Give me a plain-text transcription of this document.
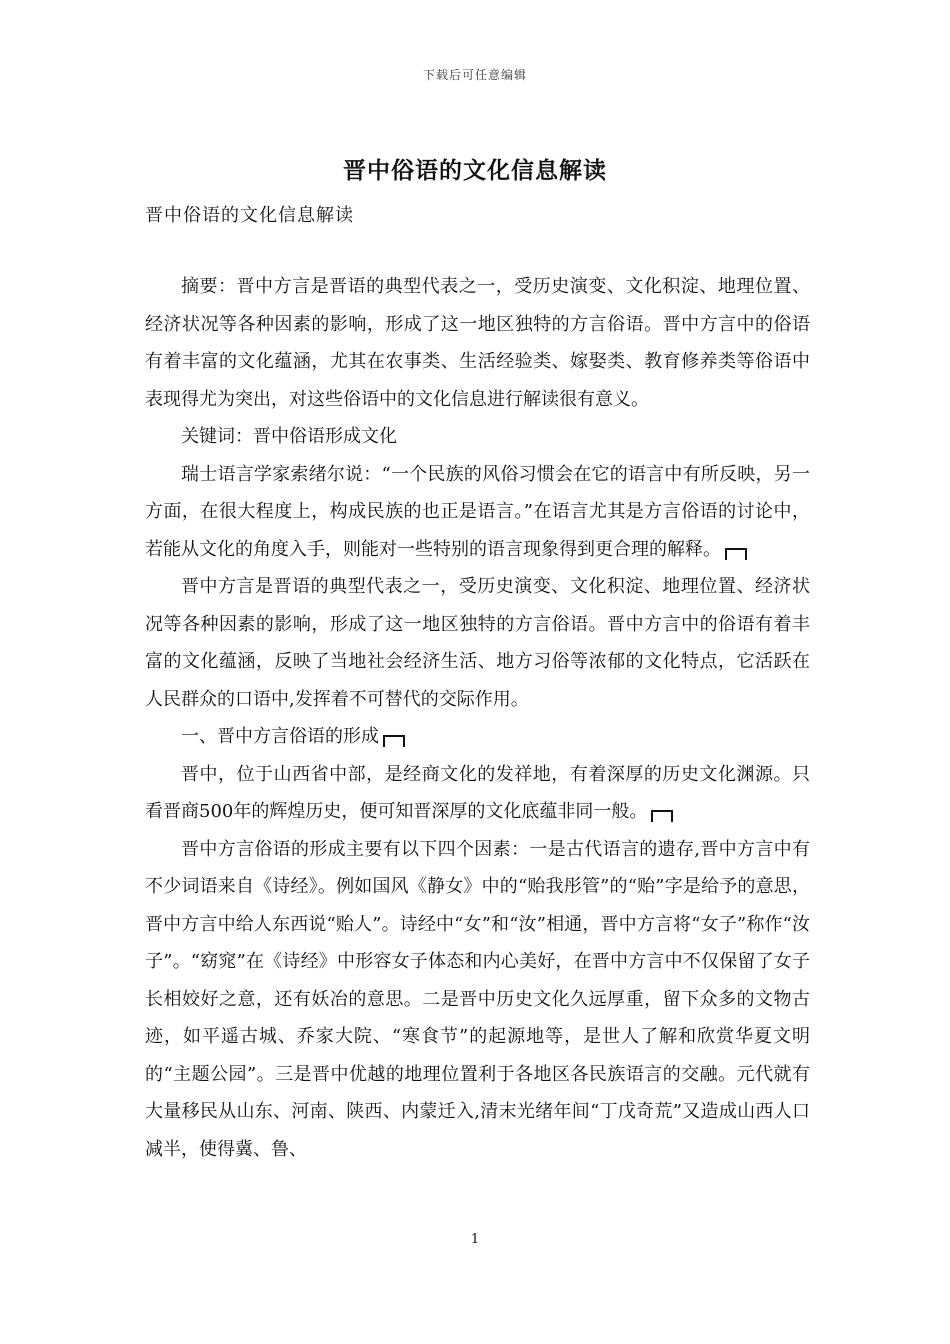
下载后可任意编辑
晋中俗语的文化信息解读
晋中俗语的文化信息解读

摘要：晋中方言是晋语的典型代表之一，受历史演变、文化积淀、地理位置、经济状况等各种因素的影响，形成了这一地区独特的方言俗语。晋中方言中的俗语有着丰富的文化蕴涵，尤其在农事类、生活经验类、嫁娶类、教育修养类等俗语中表现得尤为突出，对这些俗语中的文化信息进行解读很有意义。

关键词：晋中俗语形成文化

瑞士语言学家索绪尔说：“一个民族的风俗习惯会在它的语言中有所反映，另一方面，在很大程度上，构成民族的也正是语言。”在语言尤其是方言俗语的讨论中，若能从文化的角度入手，则能对一些特别的语言现象得到更合理的解释。

晋中方言是晋语的典型代表之一，受历史演变、文化积淀、地理位置、经济状况等各种因素的影响，形成了这一地区独特的方言俗语。晋中方言中的俗语有着丰富的文化蕴涵，反映了当地社会经济生活、地方习俗等浓郁的文化特点，它活跃在人民群众的口语中,发挥着不可替代的交际作用。

一、晋中方言俗语的形成

晋中，位于山西省中部，是经商文化的发祥地，有着深厚的历史文化渊源。只看晋商500年的辉煌历史，便可知晋深厚的文化底蕴非同一般。

晋中方言俗语的形成主要有以下四个因素：一是古代语言的遗存,晋中方言中有不少词语来自《诗经》。例如国风《静女》中的“贻我彤管”的“贻”字是给予的意思，晋中方言中给人东西说“贻人”。诗经中“女”和“汝”相通，晋中方言将“女子”称作“汝子”。“窈窕”在《诗经》中形容女子体态和内心美好，在晋中方言中不仅保留了女子长相姣好之意，还有妖冶的意思。二是晋中历史文化久远厚重，留下众多的文物古迹，如平遥古城、乔家大院、“寒食节”的起源地等，是世人了解和欣赏华夏文明的“主题公园”。三是晋中优越的地理位置利于各地区各民族语言的交融。元代就有大量移民从山东、河南、陕西、内蒙迁入,清末光绪年间“丁戊奇荒”又造成山西人口减半，使得冀、鲁、

1
